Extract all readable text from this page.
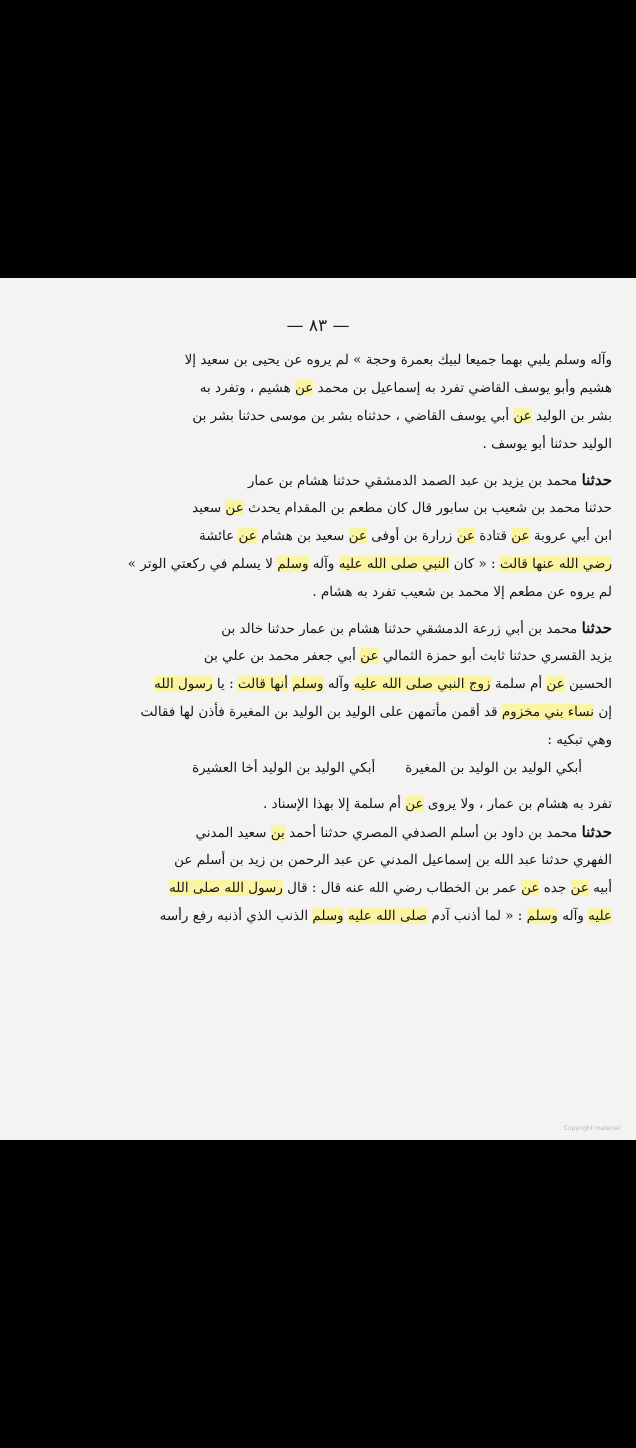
— ٨٣ —
وآله وسلم يلبي بهما جميعا لبيك بعمرة وحجة » لم يروه عن يحيى بن سعيد إلا
هشيم وأبو يوسف القاضي تفرد به إسماعيل بن محمد عن هشيم ، وتفرد به
بشر بن الوليد عن أبي يوسف القاضي ، حدثناه بشر بن موسى حدثنا بشر بن
الوليد حدثنا أبو يوسف .
حدثنا محمد بن يزيد بن عبد الصمد الدمشقي حدثنا هشام بن عمار
حدثنا محمد بن شعيب بن سابور قال كان مطعم بن المقدام يحدث عن سعيد
ابن أبي عروبة عن قتادة عن زرارة بن أوفى عن سعيد بن هشام عن عائشة
رضي الله عنها قالت : « كان النبي صلى الله عليه وآله وسلم لا يسلم في ركعتي الوتر »
لم يروه عن مطعم إلا محمد بن شعيب تفرد به هشام .
حدثنا محمد بن أبي زرعة الدمشقي حدثنا هشام بن عمار حدثنا خالد بن
يزيد القسري حدثنا ثابت أبو حمزة الثمالي عن أبي جعفر محمد بن علي بن
الحسين عن أم سلمة زوج النبي صلى الله عليه وآله وسلم أنها قالت : يا رسول الله
إن نساء بني مخزوم قد أقمن مأتمهن على الوليد بن الوليد بن المغيرة فأذن لها فقالت
وهي تبكيه :
أبكي الوليد بن الوليد بن المغيرة
أبكي الوليد بن الوليد أخا العشيرة
تفرد به هشام بن عمار ، ولا يروى عن أم سلمة إلا بهذا الإسناد .
حدثنا محمد بن داود بن أسلم الصدفي المصري حدثنا أحمد بن سعيد المدني
الفهري حدثنا عبد الله بن إسماعيل المدني عن عبد الرحمن بن زيد بن أسلم عن
أبيه عن جده عن عمر بن الخطاب رضي الله عنه قال : قال رسول الله صلى الله
عليه وآله وسلم : « لما أذنب آدم صلى الله عليه وسلم الذنب الذي أذنبه رفع رأسه
Copyright material
